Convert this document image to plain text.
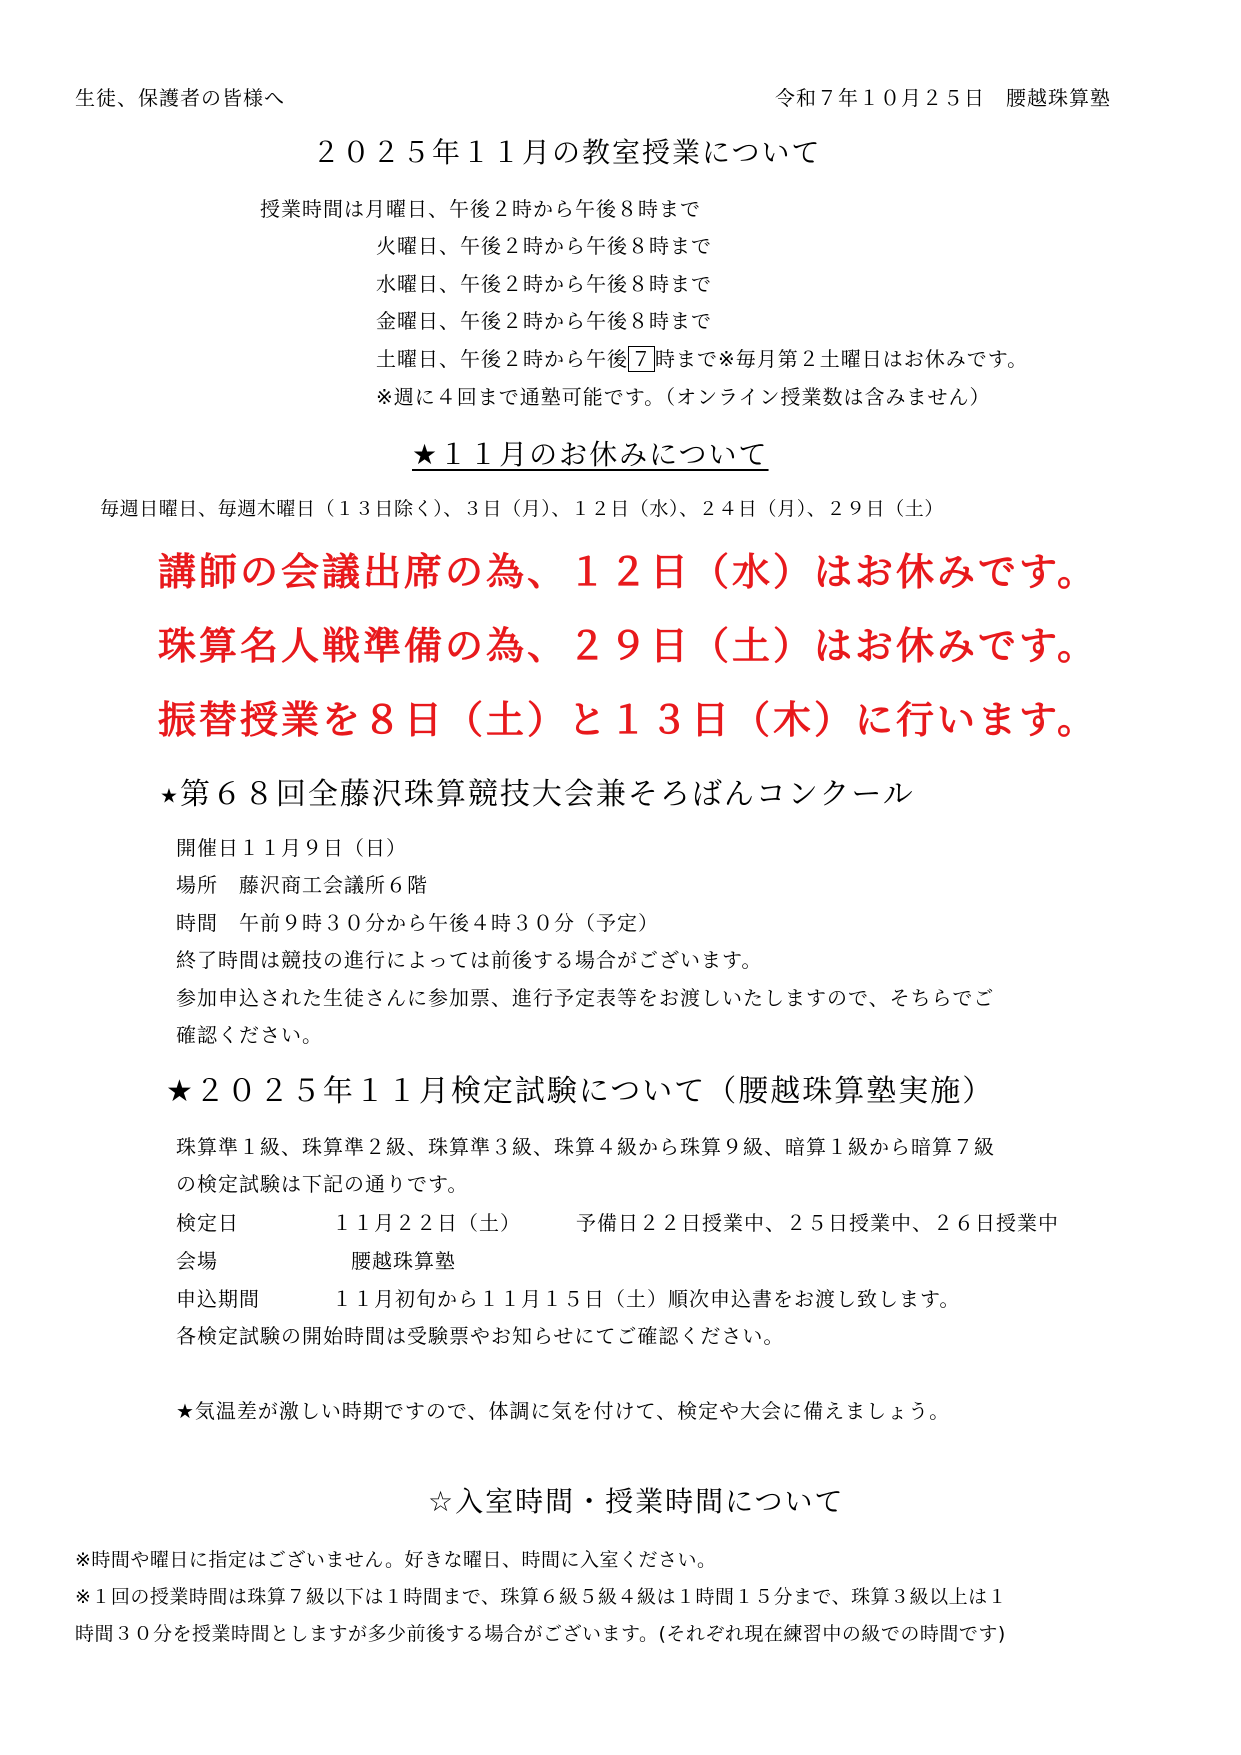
生徒、保護者の皆様へ	令和７年１０月２５日　 腰越珠算塾
２０２５年１１月の教室授業について
授業時間は月曜日、午後２時から午後８時まで
火曜日、午後２時から午後８時まで
水曜日、午後２時から午後８時まで
金曜日、午後２時から午後８時まで
土曜日、午後２時から午後 ７ 時まで※毎月第２土曜日はお休みです。
※週に４回まで通塾可能です。（オンライン授業数は含みません）
★１１月のお休みについて
毎週日曜日、毎週木曜日（１３日除く）、３日（月）、１２日（水）、２４日（月）、２９日（土）
講師の会議出席の為、１２日（水）はお休みです。
珠算名人戦準備の為、２９日（土）はお休みです。
振替授業を８日（土）と１３日（木）に行います。
★第６８回全藤沢珠算競技大会兼そろばんコンクール
開催日１１月９日（日）
場所　藤沢商工会議所６階
時間　午前９時３０分から午後４時３０分（予定）
終了時間は競技の進行によっては前後する場合がございます。
参加申込された生徒さんに参加票、進行予定表等をお渡しいたしますので、そちらでご
確認ください。
★２０２５年１１月検定試験について（腰越珠算塾実施）
珠算準１級、珠算準２級、珠算準３級、珠算４級から珠算９級、暗算１級から暗算７級
の検定試験は下記の通りです。
検定日	１１月２２日（土）	予備日２２日授業中、２５日授業中、２６日授業中
会場	腰越珠算塾
申込期間	１１月初旬から１１月１５日（土）順次申込書をお渡し致します。
各検定試験の開始時間は受験票やお知らせにてご確認ください。
★気温差が激しい時期ですので、体調に気を付けて、検定や大会に備えましょう。
☆入室時間・授業時間について
※時間や曜日に指定はございません。好きな曜日、時間に入室ください。
※１回の授業時間は珠算７級以下は１時間まで、珠算６級５級４級は１時間１５分まで、珠算３級以上は１
時間３０分を授業時間としますが多少前後する場合がございます。(それぞれ現在練習中の級での時間です)
